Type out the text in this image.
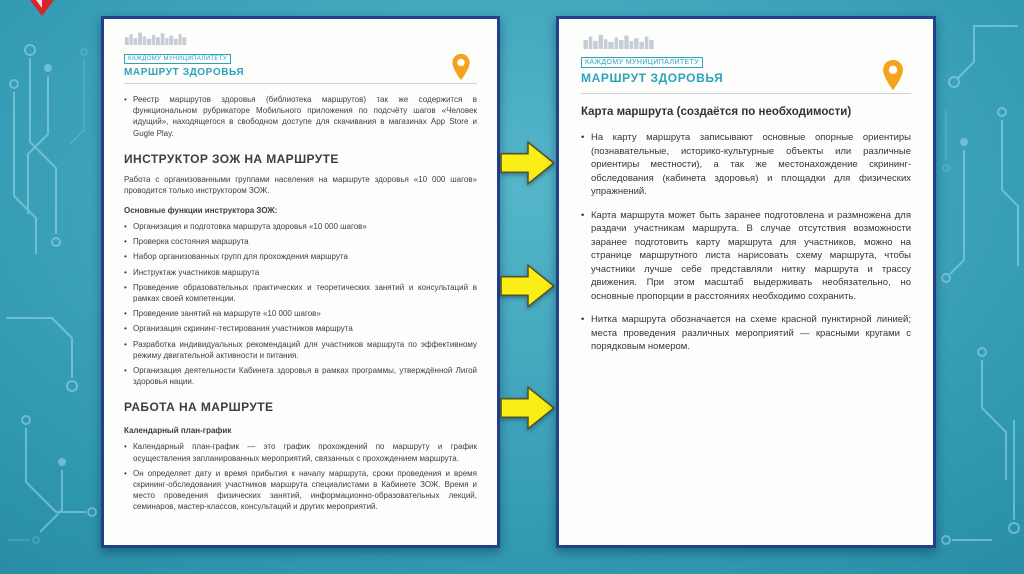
КАЖДОМУ МУНИЦИПАЛИТЕТУ
МАРШРУТ ЗДОРОВЬЯ
• Реестр маршрутов здоровья (библиотека маршрутов) так же содержится в функциональном рубрикаторе Мобильного приложения по подсчёту шагов «Человек идущий», находящегося в свободном доступе для скачивания в магазинах App Store и Gugle Play.
ИНСТРУКТОР ЗОЖ НА МАРШРУТЕ

Работа с организованными группами населения на маршруте здоровья «10 000 шагов» проводится только инструктором ЗОЖ.

Основные функции инструктора ЗОЖ:

• Организация и подготовка маршрута здоровья «10 000 шагов»
• Проверка состояния маршрута
• Набор организованных групп для прохождения маршрута
• Инструктаж участников маршрута
• Проведение образовательных практических и теоретических занятий и консультаций в рамках своей компетенции.
• Проведение занятий на маршруте «10 000 шагов»
• Организация скрининг-тестирования участников маршрута
• Разработка индивидуальных рекомендаций для участников маршрута по эффективному режиму двигательной активности и питания.
• Организация деятельности Кабинета здоровья в рамках программы, утверждённой Лигой здоровья нации.
РАБОТА НА МАРШРУТЕ

Календарный план-график

• Календарный план-график — это график прохождений по маршруту и график осуществления запланированных мероприятий, связанных с прохождением маршрута.
• Он определяет дату и время прибытия к началу маршрута, сроки проведения и время скрининг-обследования участников маршрута специалистами в Кабинете ЗОЖ. Время и место проведения физических занятий, информационно-образовательных лекций, семинаров, мастер-классов, консультаций и других мероприятий.
КАЖДОМУ МУНИЦИПАЛИТЕТУ
МАРШРУТ ЗДОРОВЬЯ
Карта маршрута (создаётся по необходимости)
• На карту маршрута записывают основные опорные ориентиры (познавательные, историко-культурные объекты или различные ориентиры местности), а так же местонахождение скрининг-обследования (кабинета здоровья) и площадки для физических упражнений.
• Карта маршрута может быть заранее подготовлена и размножена для раздачи участникам маршрута. В случае отсутствия возможности заранее подготовить карту маршрута для участников, можно на странице маршрутного листа нарисовать схему маршрута, чтобы участники лучше себе представляли нитку маршрута и трассу движения. При этом масштаб выдерживать необязательно, но основные пропорции в расстояниях необходимо сохранить.
• Нитка маршрута обозначается на схеме красной пунктирной линией; места проведения различных мероприятий — красными кругами с порядковым номером.
